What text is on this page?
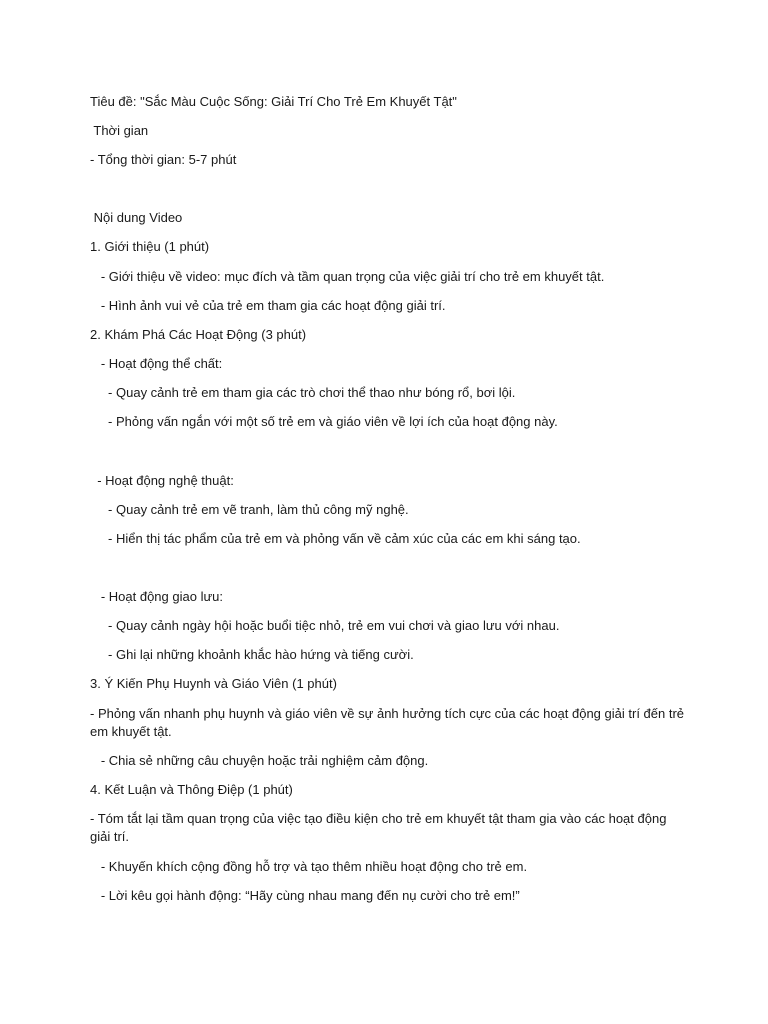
Tiêu đề: "Sắc Màu Cuộc Sống: Giải Trí Cho Trẻ Em Khuyết Tật"
Thời gian
- Tổng thời gian: 5-7 phút
Nội dung Video
1. Giới thiệu (1 phút)
- Giới thiệu về video: mục đích và tầm quan trọng của việc giải trí cho trẻ em khuyết tật.
- Hình ảnh vui vẻ của trẻ em tham gia các hoạt động giải trí.
2. Khám Phá Các Hoạt Động (3 phút)
- Hoạt động thể chất:
- Quay cảnh trẻ em tham gia các trò chơi thể thao như bóng rổ, bơi lội.
- Phỏng vấn ngắn với một số trẻ em và giáo viên về lợi ích của hoạt động này.
- Hoạt động nghệ thuật:
- Quay cảnh trẻ em vẽ tranh, làm thủ công mỹ nghệ.
- Hiển thị tác phẩm của trẻ em và phỏng vấn về cảm xúc của các em khi sáng tạo.
- Hoạt động giao lưu:
- Quay cảnh ngày hội hoặc buổi tiệc nhỏ, trẻ em vui chơi và giao lưu với nhau.
- Ghi lại những khoảnh khắc hào hứng và tiếng cười.
3. Ý Kiến Phụ Huynh và Giáo Viên (1 phút)
- Phỏng vấn nhanh phụ huynh và giáo viên về sự ảnh hưởng tích cực của các hoạt động giải trí đến trẻ em khuyết tật.
- Chia sẻ những câu chuyện hoặc trải nghiệm cảm động.
4. Kết Luận và Thông Điệp (1 phút)
- Tóm tắt lại tầm quan trọng của việc tạo điều kiện cho trẻ em khuyết tật tham gia vào các hoạt động giải trí.
- Khuyến khích cộng đồng hỗ trợ và tạo thêm nhiều hoạt động cho trẻ em.
- Lời kêu gọi hành động: “Hãy cùng nhau mang đến nụ cười cho trẻ em!”
